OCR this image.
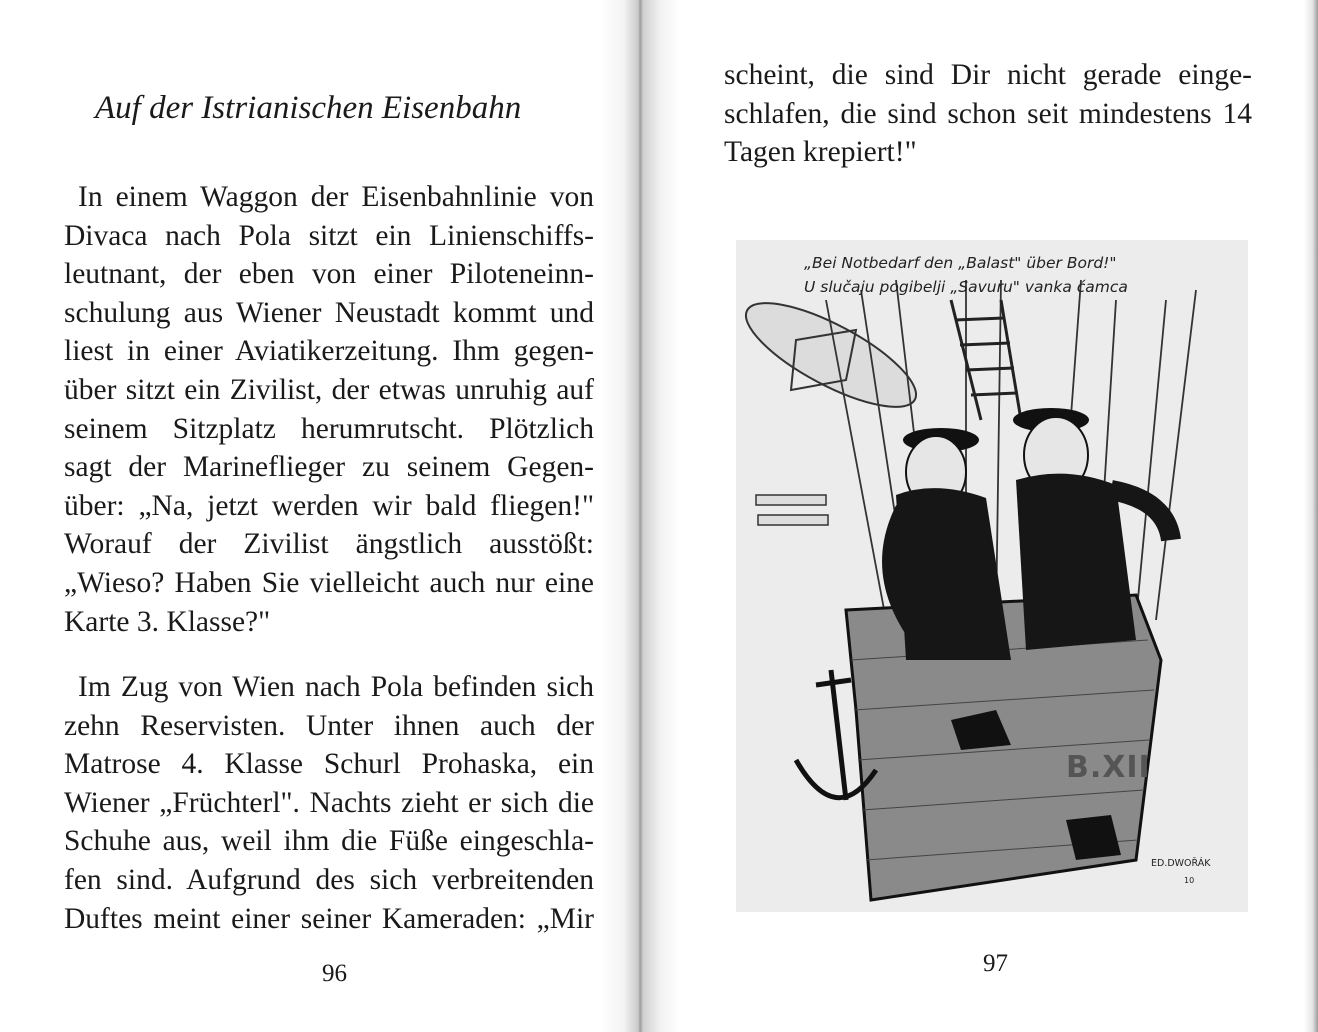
Auf der Istrianischen Eisenbahn

In einem Waggon der Eisenbahnlinie von
Divaca nach Pola sitzt ein Linienschiffs-
leutnant, der eben von einer Piloteneinn-
schulung aus Wiener Neustadt kommt und
liest in einer Aviatikerzeitung. Ihm gegen-
über sitzt ein Zivilist, der etwas unruhig auf
seinem Sitzplatz herumrutscht. Plötzlich
sagt der Marineflieger zu seinem Gegen-
über: „Na, jetzt werden wir bald fliegen!"
Worauf der Zivilist ängstlich ausstößt:
„Wieso? Haben Sie vielleicht auch nur eine
Karte 3. Klasse?"

Im Zug von Wien nach Pola befinden sich
zehn Reservisten. Unter ihnen auch der
Matrose 4. Klasse Schurl Prohaska, ein
Wiener „Früchterl". Nachts zieht er sich die
Schuhe aus, weil ihm die Füße eingeschla-
fen sind. Aufgrund des sich verbreitenden
Duftes meint einer seiner Kameraden: „Mir

96

scheint, die sind Dir nicht gerade einge-
schlafen, die sind schon seit mindestens 14
Tagen krepiert!"

„Bei Notbedarf den „Balast" über Bord!"

U slučaju pogibelji „Savuru" vanka ćamca

B.XII
ED.DWOŘÁK
10

97
